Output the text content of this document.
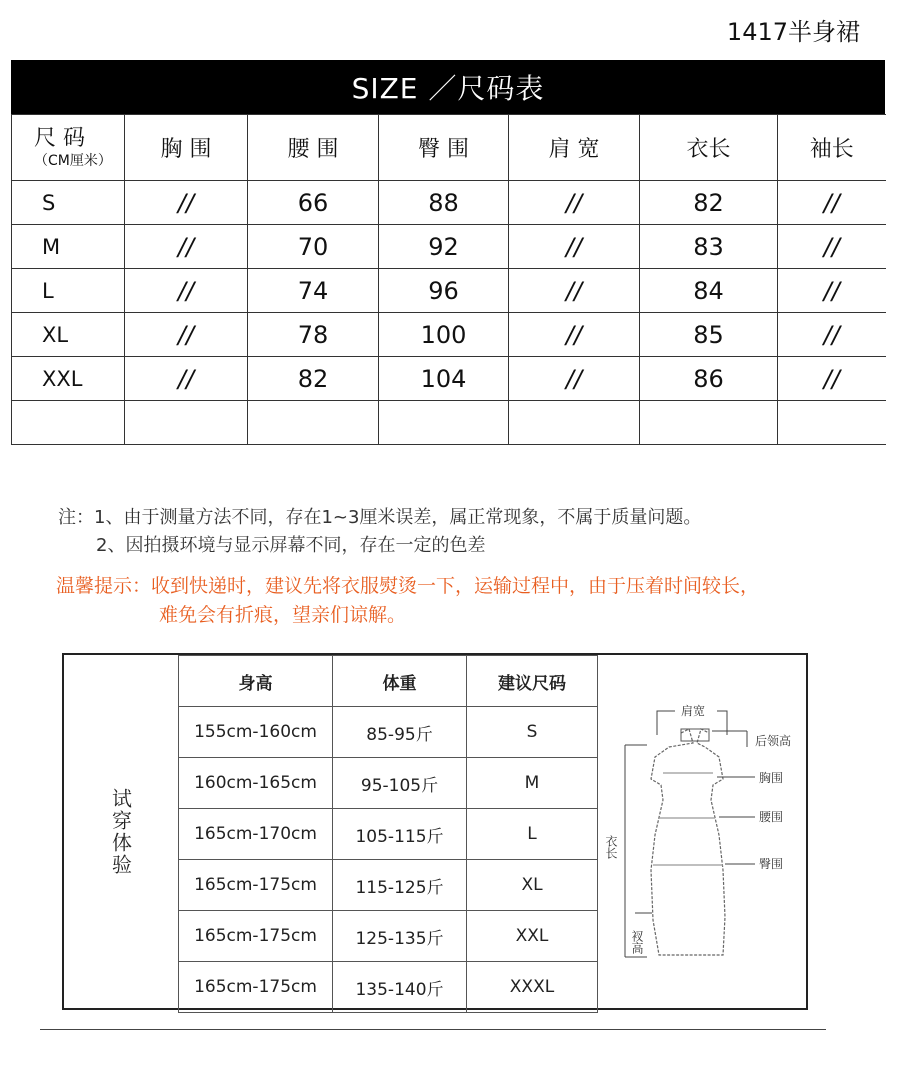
1417半身裙
SIZE ／尺码表
尺 码
（CM厘米）	胸 围	腰 围	臀 围	肩 宽	衣长	袖长
S	//	66	88	//	82	//
M	//	70	92	//	83	//
L	//	74	96	//	84	//
XL	//	78	100	//	85	//
XXL	//	82	104	//	86	//

注：1、由于测量方法不同，存在1~3厘米误差，属正常现象，不属于质量问题。
2、因拍摄环境与显示屏幕不同，存在一定的色差
温馨提示：收到快递时，建议先将衣服熨烫一下，运输过程中，由于压着时间较长，
难免会有折痕，望亲们谅解。
试穿体验
身高	体重	建议尺码
155cm-160cm	85-95斤	S
160cm-165cm	95-105斤	M
165cm-170cm	105-115斤	L
165cm-175cm	115-125斤	XL
165cm-175cm	125-135斤	XXL
165cm-175cm	135-140斤	XXXL
肩宽
后领高
胸围
腰围
臀围
衣长
衩高
